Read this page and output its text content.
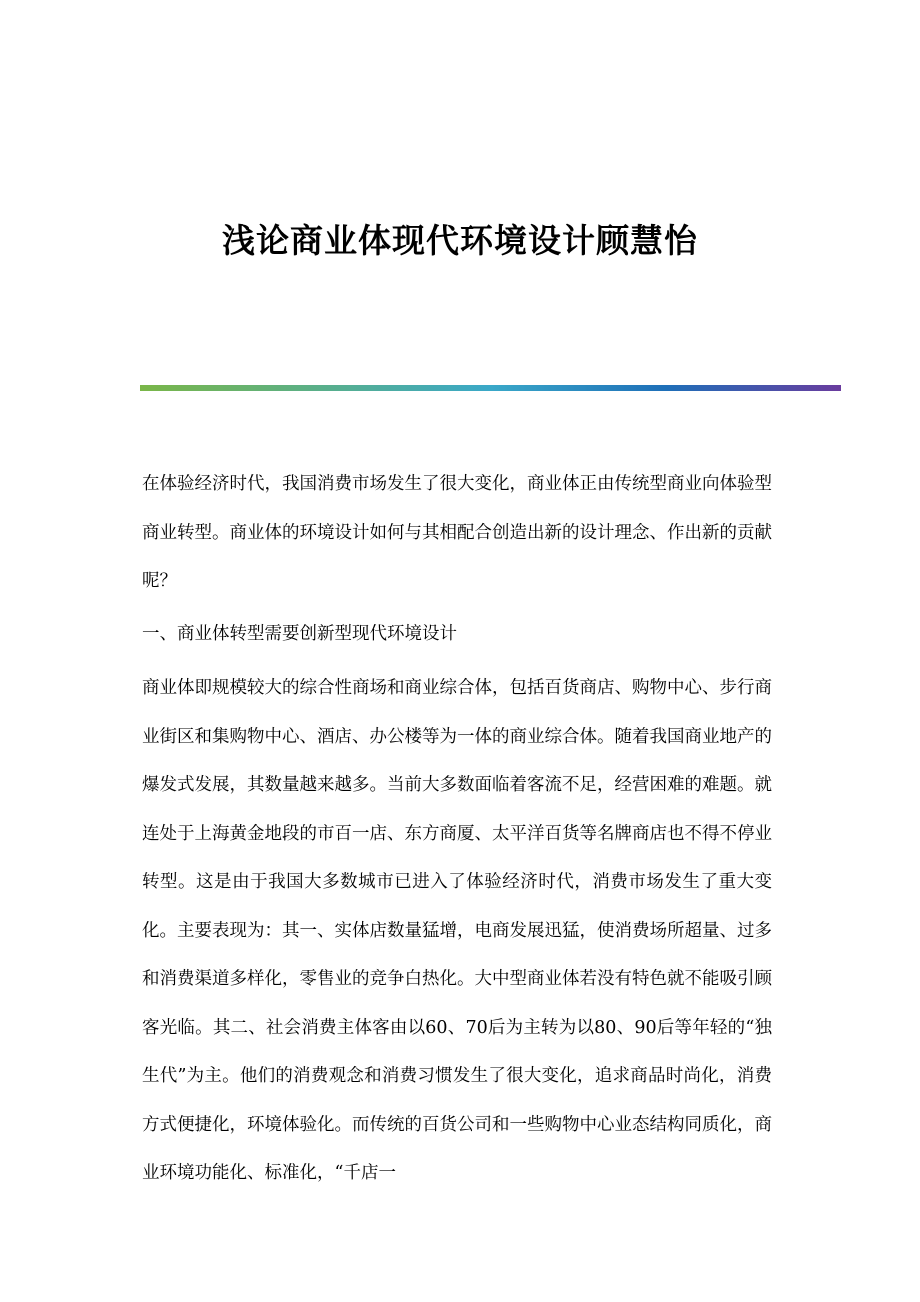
浅论商业体现代环境设计顾慧怡

在体验经济时代，我国消费市场发生了很大变化，商业体正由传统型商业向体验型商业转型。商业体的环境设计如何与其相配合创造出新的设计理念、作出新的贡献呢？

一、商业体转型需要创新型现代环境设计

商业体即规模较大的综合性商场和商业综合体，包括百货商店、购物中心、步行商业街区和集购物中心、酒店、办公楼等为一体的商业综合体。随着我国商业地产的爆发式发展，其数量越来越多。当前大多数面临着客流不足，经营困难的难题。就连处于上海黄金地段的市百一店、东方商厦、太平洋百货等名牌商店也不得不停业转型。这是由于我国大多数城市已进入了体验经济时代，消费市场发生了重大变化。主要表现为：其一、实体店数量猛增，电商发展迅猛，使消费场所超量、过多和消费渠道多样化，零售业的竞争白热化。大中型商业体若没有特色就不能吸引顾客光临。其二、社会消费主体客由以60、70后为主转为以80、90后等年轻的“独生代”为主。他们的消费观念和消费习惯发生了很大变化，追求商品时尚化，消费方式便捷化，环境体验化。而传统的百货公司和一些购物中心业态结构同质化，商业环境功能化、标准化，“千店一
